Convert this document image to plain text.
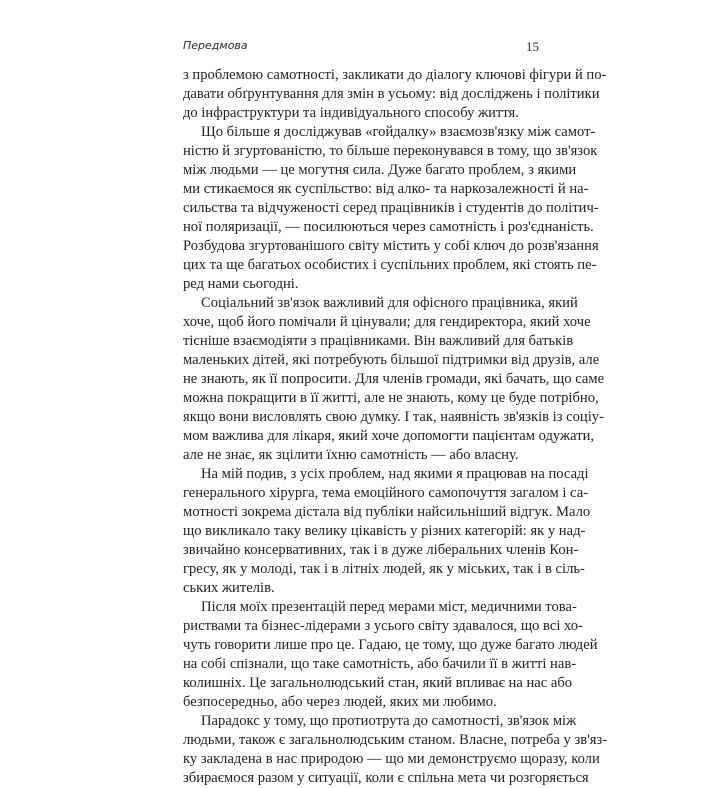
Передмова	15
з проблемою самотності, закликати до діалогу ключові фігури й по-
давати обґрунтування для змін в усьому: від досліджень і політики
до інфраструктури та індивідуального способу життя.
Що більше я досліджував «гойдалку» взаємозв'язку між самот-
ністю й згуртованістю, то більше переконувався в тому, що зв'язок
між людьми — це могутня сила. Дуже багато проблем, з якими
ми стикаємося як суспільство: від алко- та наркозалежності й на-
сильства та відчуженості серед працівників і студентів до політич-
ної поляризації, — посилюються через самотність і роз'єднаність.
Розбудова згуртованішого світу містить у собі ключ до розв'язання
цих та ще багатьох особистих і суспільних проблем, які стоять пе-
ред нами сьогодні.
Соціальний зв'язок важливий для офісного працівника, який
хоче, щоб його помічали й цінували; для гендиректора, який хоче
тісніше взаємодіяти з працівниками. Він важливий для батьків
маленьких дітей, які потребують більшої підтримки від друзів, але
не знають, як її попросити. Для членів громади, які бачать, що саме
можна покращити в її житті, але не знають, кому це буде потрібно,
якщо вони висловлять свою думку. І так, наявність зв'язків із соціу-
мом важлива для лікаря, який хоче допомогти пацієнтам одужати,
але не знає, як зцілити їхню самотність — або власну.
На мій подив, з усіх проблем, над якими я працював на посаді
генерального хірурга, тема емоційного самопочуття загалом і са-
мотності зокрема дістала від публіки найсильніший відгук. Мало
що викликало таку велику цікавість у різних категорій: як у над-
звичайно консервативних, так і в дуже ліберальних членів Кон-
гресу, як у молоді, так і в літніх людей, як у міських, так і в сіль-
ських жителів.
Після моїх презентацій перед мерами міст, медичними това-
риствами та бізнес-лідерами з усього світу здавалося, що всі хо-
чуть говорити лише про це. Гадаю, це тому, що дуже багато людей
на собі спізнали, що таке самотність, або бачили її в житті нав-
колишніх. Це загальнолюдський стан, який впливає на нас або
безпосередньо, або через людей, яких ми любимо.
Парадокс у тому, що протиотрута до самотності, зв'язок між
людьми, також є загальнолюдським станом. Власне, потреба у зв'яз-
ку закладена в нас природою — що ми демонструємо щоразу, коли
збираємося разом у ситуації, коли є спільна мета чи розгоряється
